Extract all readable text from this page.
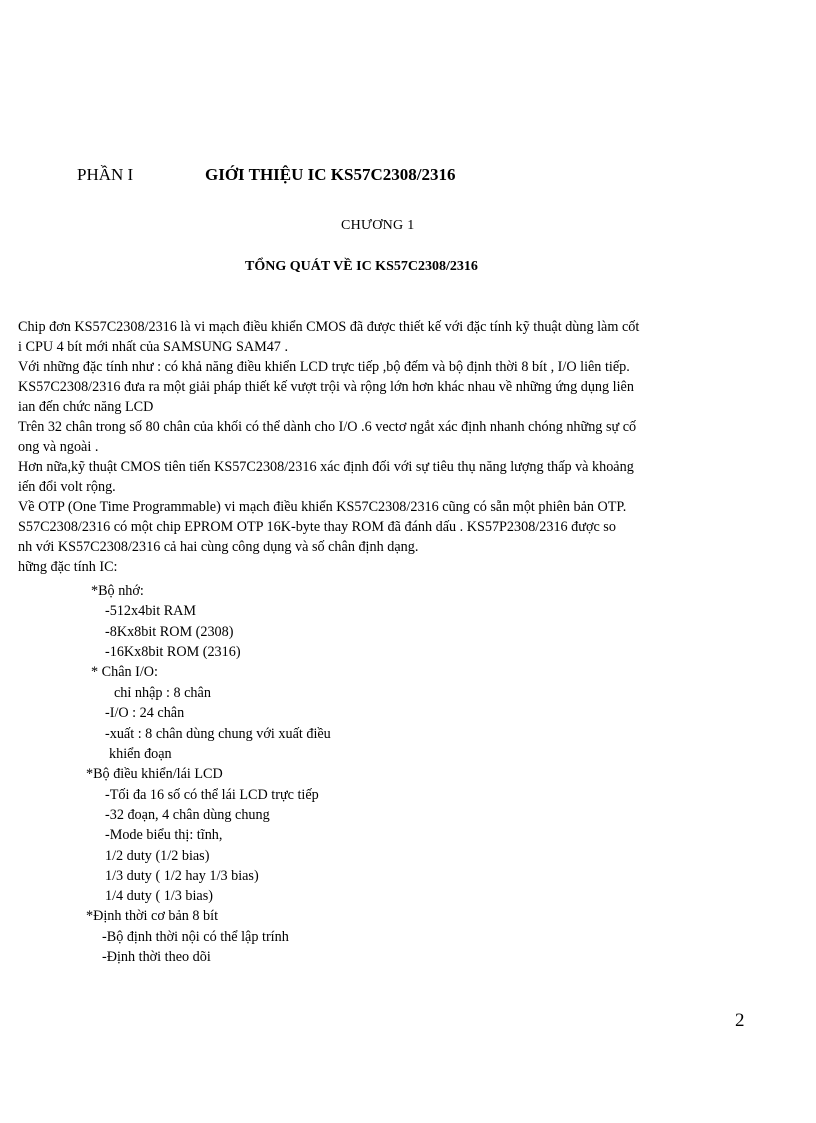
PHẦN I	GIỚI THIỆU IC KS57C2308/2316
CHƯƠNG 1
TỔNG QUÁT VỀ IC KS57C2308/2316
Chip đơn KS57C2308/2316 là vi mạch điều khiển CMOS đã được thiết kế với đặc tính kỹ thuật dùng làm cốt
i CPU 4 bít mới nhất của SAMSUNG SAM47 .
Với những đặc tính như : có khả năng điều khiển LCD trực tiếp ,bộ đếm và bộ định thời 8 bít , I/O liên tiếp.
KS57C2308/2316 đưa ra một giải pháp thiết kế vượt trội và rộng lớn hơn khác nhau về những ứng dụng liên
ian đến chức năng LCD
Trên 32 chân trong số 80 chân của khối có thể dành cho I/O .6 vectơ ngắt xác định nhanh chóng những sự cố
ong và ngoài .
Hơn nữa,kỹ thuật CMOS tiên tiến KS57C2308/2316 xác định đối với sự tiêu thụ năng lượng thấp và khoảng
iến đổi volt rộng.
Về OTP (One Time Programmable) vi mạch điều khiển KS57C2308/2316 cũng có sẵn một phiên bản OTP.
S57C2308/2316 có một chip EPROM OTP 16K-byte thay ROM đã đánh dấu . KS57P2308/2316 được so
nh với KS57C2308/2316 cả hai cùng công dụng và số chân định dạng.
hững đặc tính IC:
*Bộ nhớ:
-512x4bit RAM
-8Kx8bit ROM (2308)
-16Kx8bit ROM (2316)
* Chân I/O:
chỉ nhập : 8 chân
-I/O : 24 chân
-xuất : 8 chân dùng chung với xuất điều
khiển đoạn
*Bộ điều khiển/lái LCD
-Tối đa 16 số có thể lái LCD trực tiếp
-32 đoạn, 4 chân dùng chung
-Mode biểu thị: tĩnh,
1/2 duty (1/2 bias)
1/3 duty ( 1/2 hay 1/3 bias)
1/4 duty ( 1/3 bias)
*Định thời cơ bản 8 bít
-Bộ định thời nội có thể lập trính
-Định thời theo dõi
2
